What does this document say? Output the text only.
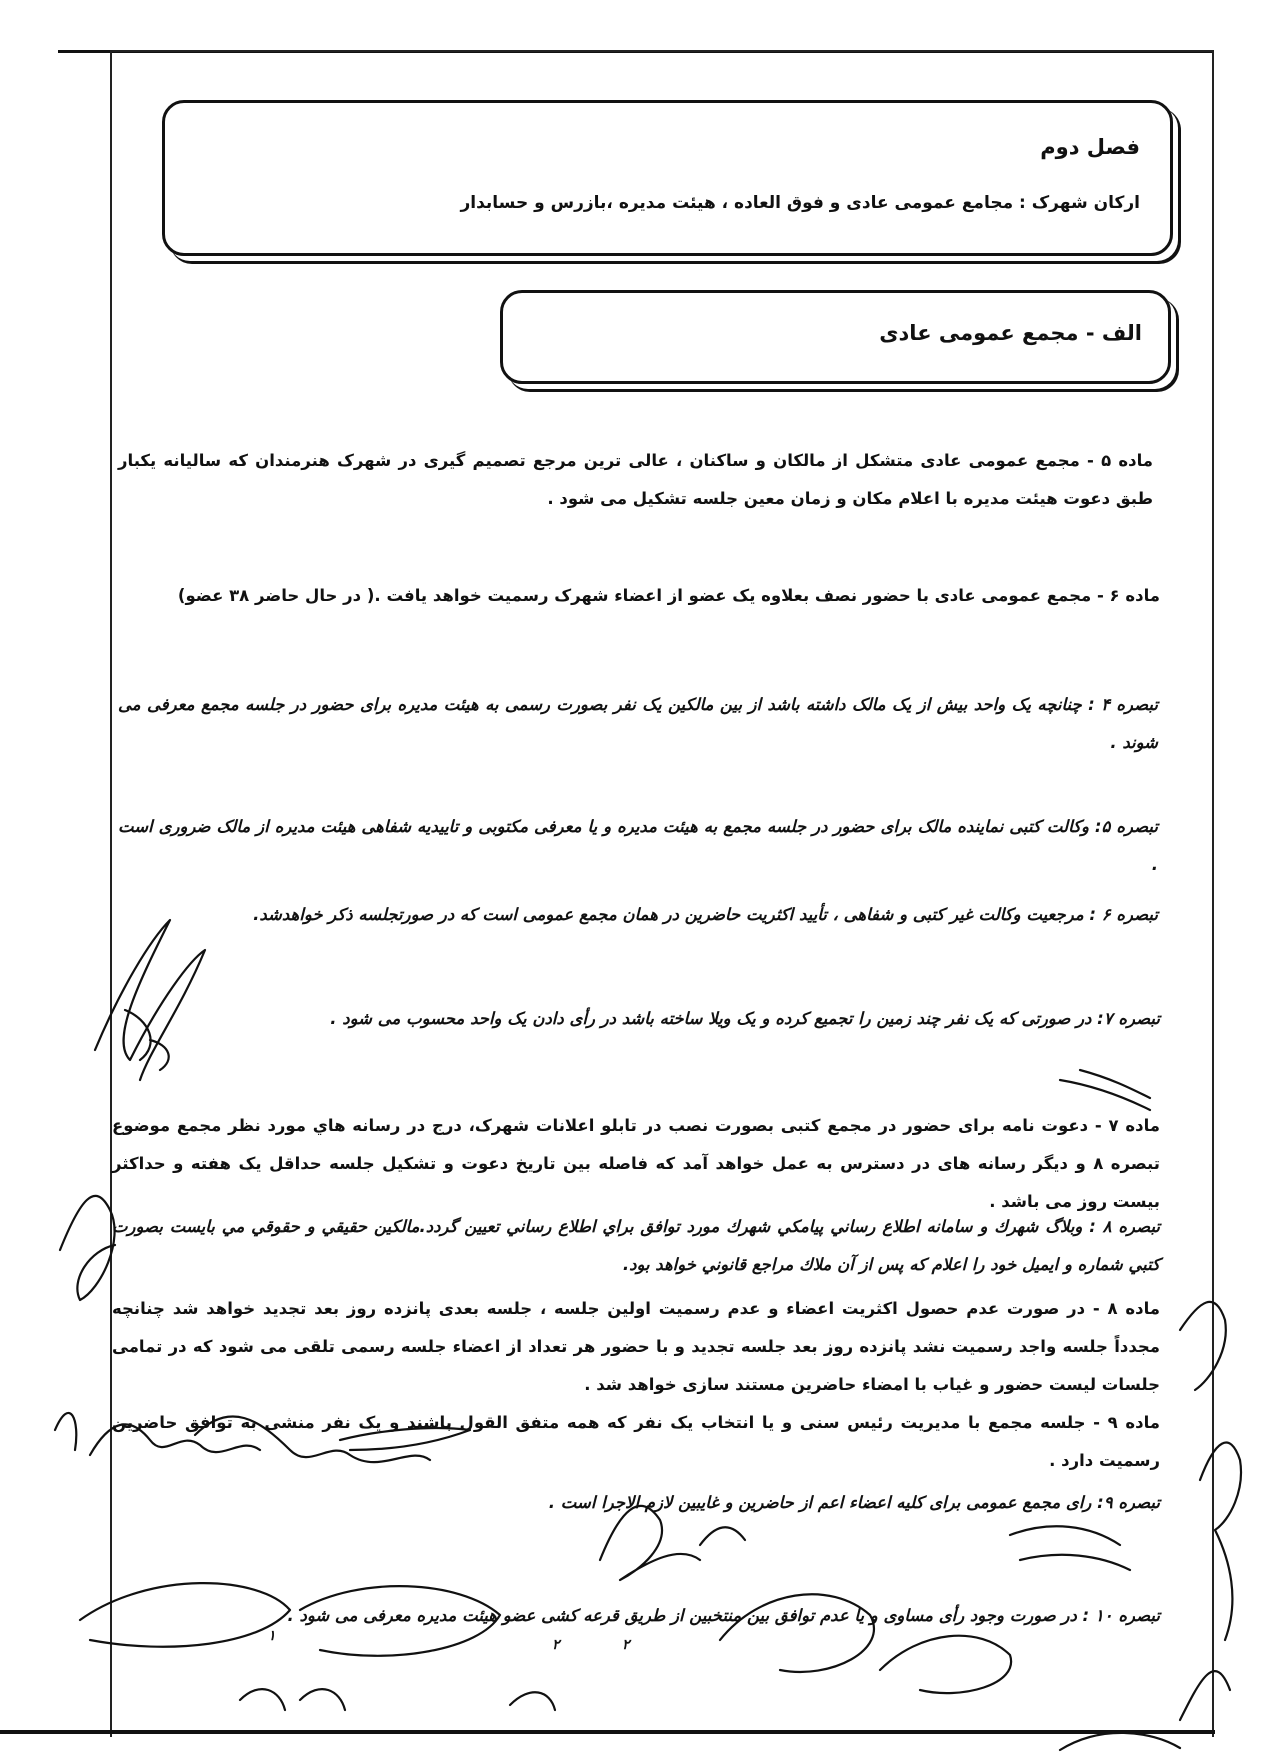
فصل دوم
ارکان شهرک : مجامع عمومی عادی و فوق العاده ، هیئت مدیره ،بازرس و حسابدار
الف - مجمع عمومی عادی
ماده ۵ - مجمع عمومی عادی متشکل از مالکان و ساکنان ، عالی ترین مرجع تصمیم گیری در شهرک هنرمندان که سالیانه یکبار طبق دعوت هیئت مدیره با اعلام مکان و زمان معین جلسه تشکیل می شود .
ماده ۶ - مجمع عمومی عادی با حضور نصف بعلاوه یک عضو از اعضاء شهرک رسمیت خواهد یافت .( در حال حاضر ۳۸ عضو)
تبصره ۴ : چنانچه یک واحد بیش از یک مالک داشته باشد از بین مالکین یک نفر بصورت رسمی به هیئت مدیره برای حضور در جلسه مجمع معرفی می شوند .
تبصره ۵: وکالت کتبی نماینده مالک برای حضور در جلسه مجمع به هیئت مدیره و یا معرفی مکتوبی و تاییدیه شفاهی هیئت مدیره از مالک ضروری است .
تبصره ۶ : مرجعیت وکالت غیر کتبی و شفاهی ، تأیید اکثریت حاضرین در همان مجمع عمومی است که در صورتجلسه ذکر خواهدشد.
تبصره ۷: در صورتی که یک نفر چند زمین را تجمیع کرده و یک ویلا ساخته باشد در رأی دادن یک واحد محسوب می شود .
ماده ۷ - دعوت نامه برای حضور در مجمع کتبی بصورت نصب در تابلو اعلانات شهرک، درج در رسانه هاي مورد نظر مجمع موضوع تبصره ۸ و دیگر رسانه های در دسترس به عمل خواهد آمد که فاصله بین تاریخ دعوت و تشکیل جلسه حداقل یک هفته و حداکثر بیست روز می باشد .
تبصره ۸ : وبلاگ شهرك و سامانه اطلاع رساني پيامكي شهرك مورد توافق براي اطلاع رساني تعيين گردد.مالكين حقيقي و حقوقي مي بايست بصورت كتبي شماره و ايميل خود را اعلام كه پس از آن ملاك مراجع قانوني خواهد بود.
ماده ۸ - در صورت عدم حصول اکثریت اعضاء و عدم رسمیت اولین جلسه ، جلسه بعدی پانزده روز بعد تجدید خواهد شد چنانچه مجدداً جلسه واجد رسمیت نشد پانزده روز بعد جلسه تجدید و با حضور هر تعداد از اعضاء جلسه رسمی تلقی می شود که در تمامی جلسات لیست حضور و غیاب با امضاء حاضرین مستند سازی خواهد شد .
ماده ۹ - جلسه مجمع با مدیریت رئیس سنی و یا انتخاب یک نفر که همه متفق القول باشند و یک نفر منشی به توافق حاضرین رسمیت دارد .
تبصره ۹: رای مجمع عمومی برای کلیه اعضاء اعم از حاضرین و غایبین لازم الاجرا است .
تبصره ۱۰ : در صورت وجود رأی مساوی و یا عدم توافق بین منتخبین از طریق قرعه کشی عضو هیئت مدیره معرفی می شود .
۲	۲
۱
